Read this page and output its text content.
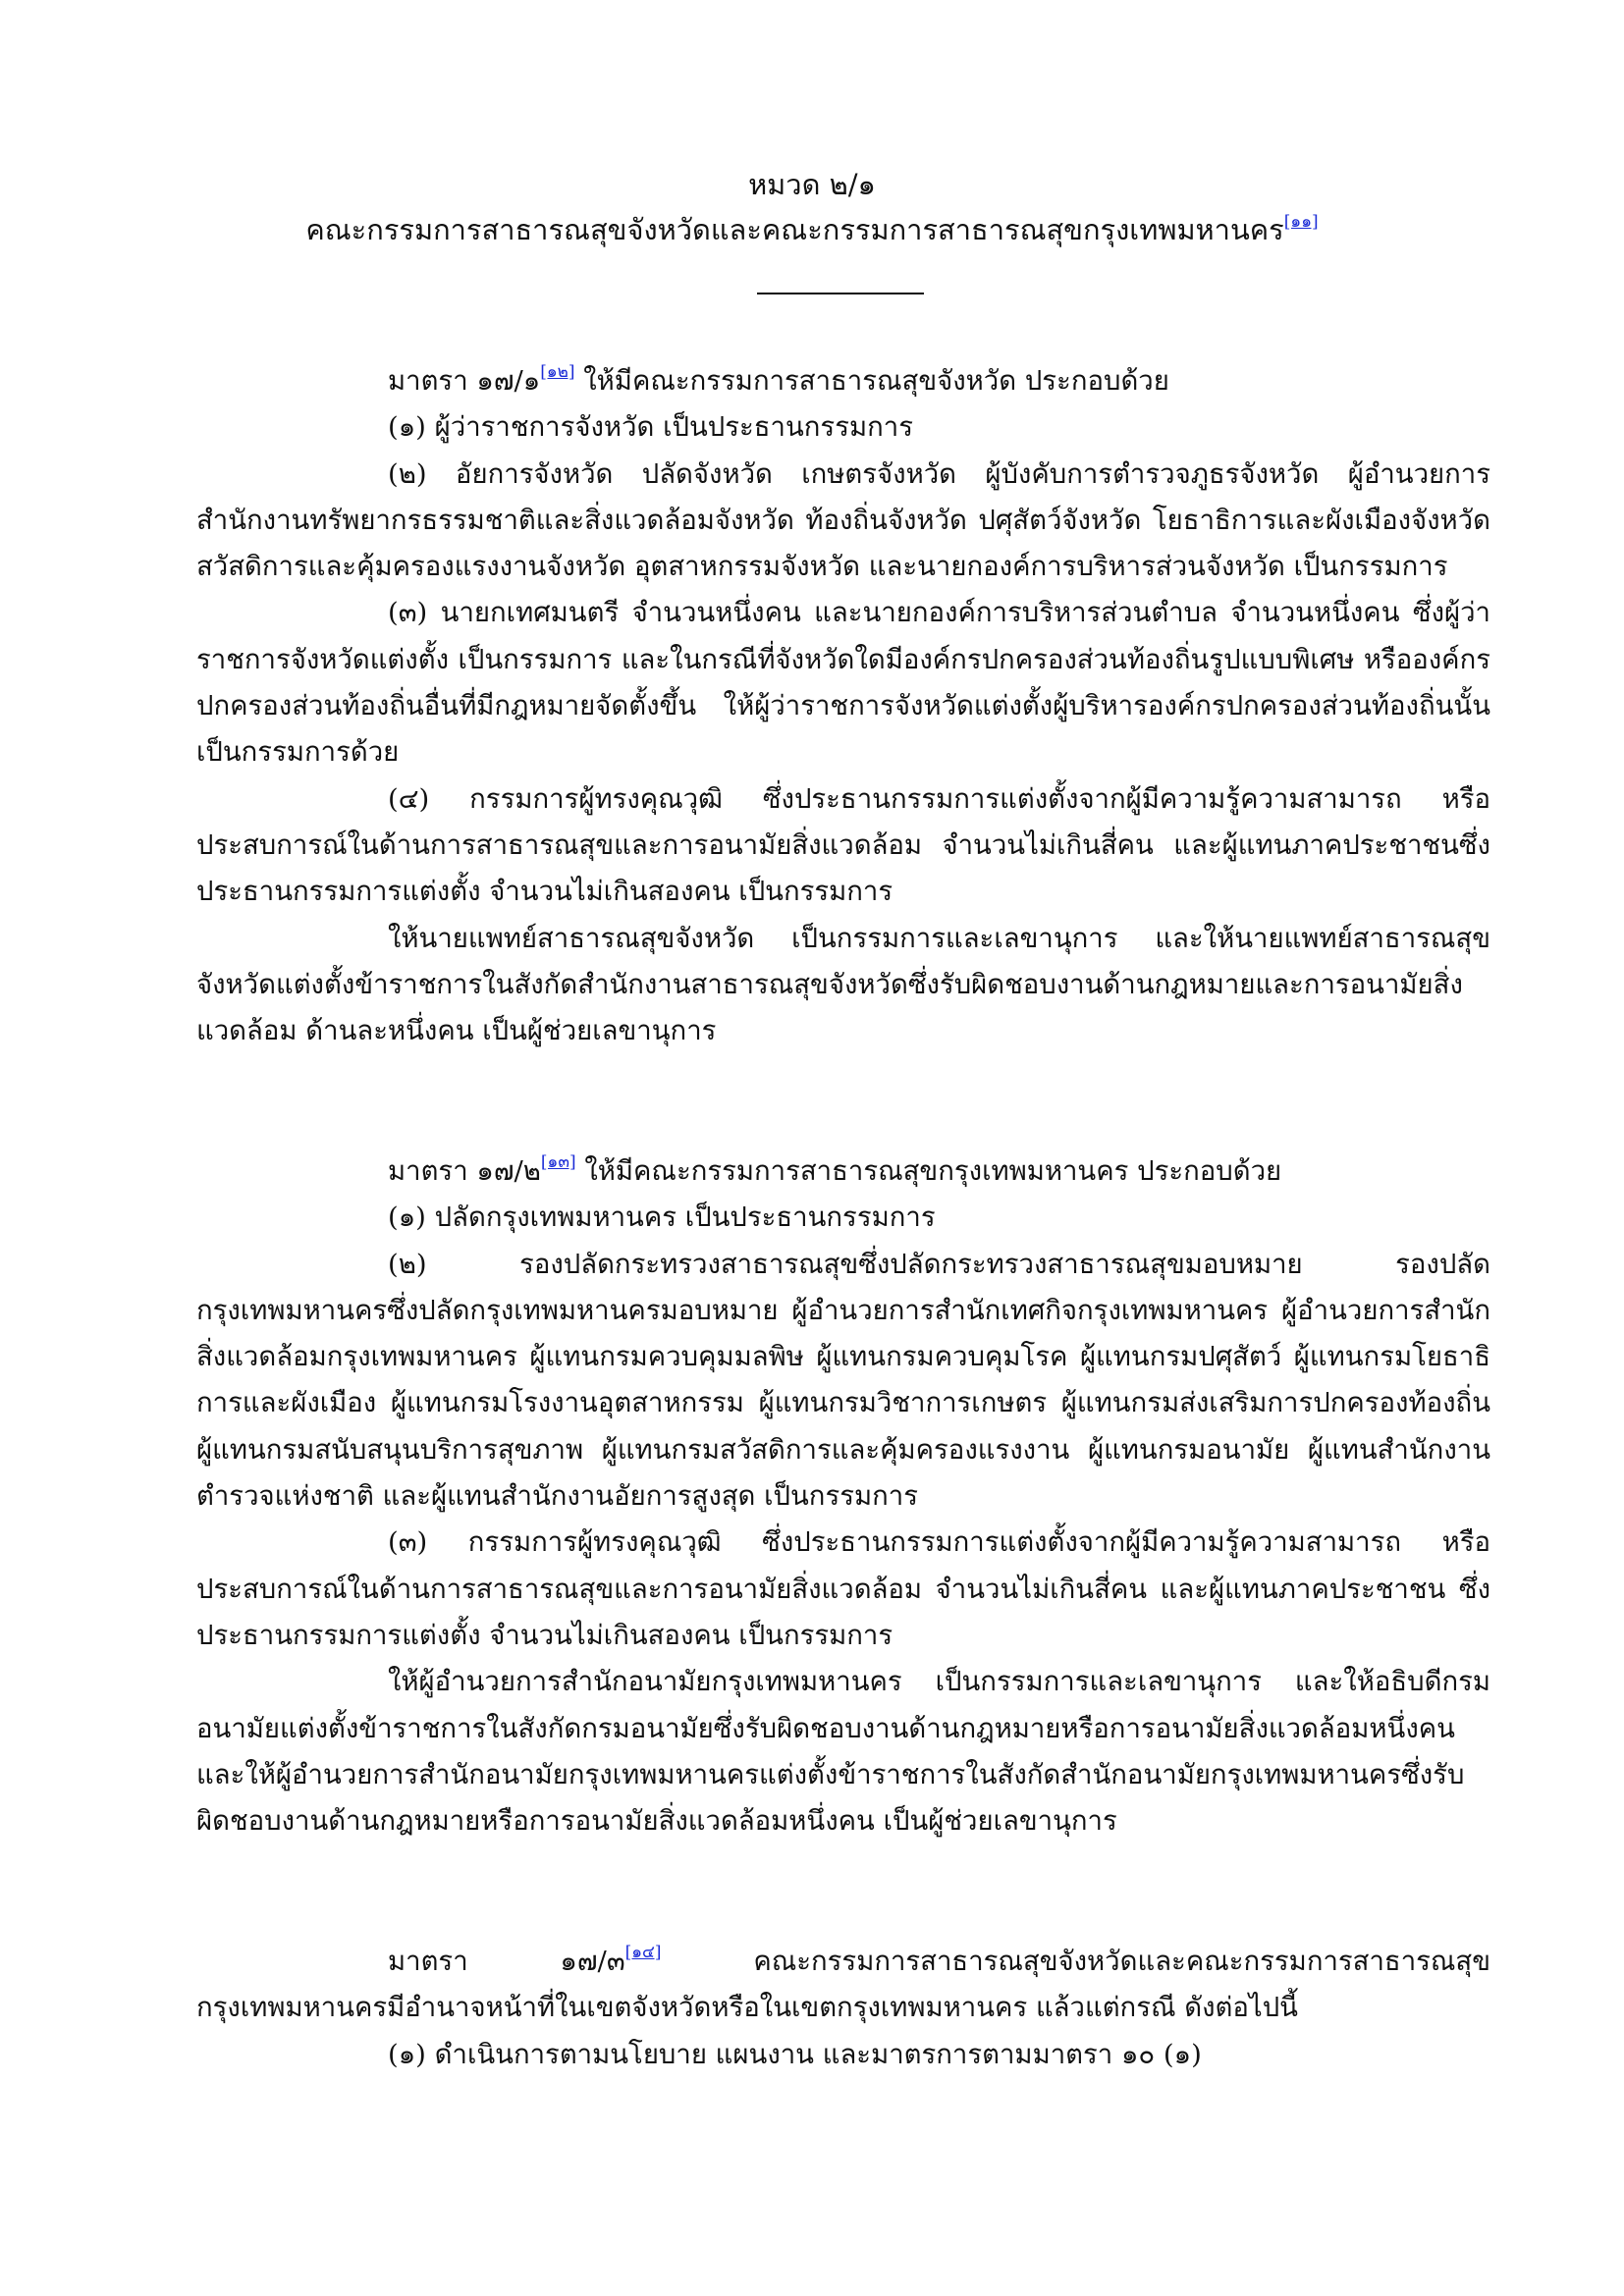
หมวด ๒/๑
คณะกรรมการสาธารณสุขจังหวัดและคณะกรรมการสาธารณสุขกรุงเทพมหานคร[๑๑]

มาตรา ๑๗/๑[๑๒] ให้มีคณะกรรมการสาธารณสุขจังหวัด ประกอบด้วย

(๑) ผู้ว่าราชการจังหวัด เป็นประธานกรรมการ

(๒) อัยการจังหวัด ปลัดจังหวัด เกษตรจังหวัด ผู้บังคับการตำรวจภูธรจังหวัด ผู้อำนวยการสำนักงานทรัพยากรธรรมชาติและสิ่งแวดล้อมจังหวัด ท้องถิ่นจังหวัด ปศุสัตว์จังหวัด โยธาธิการและผังเมืองจังหวัด สวัสดิการและคุ้มครองแรงงานจังหวัด อุตสาหกรรมจังหวัด และนายกองค์การบริหารส่วนจังหวัด เป็นกรรมการ

(๓) นายกเทศมนตรี จำนวนหนึ่งคน และนายกองค์การบริหารส่วนตำบล จำนวนหนึ่งคน ซึ่งผู้ว่าราชการจังหวัดแต่งตั้ง เป็นกรรมการ และในกรณีที่จังหวัดใดมีองค์กรปกครองส่วนท้องถิ่นรูปแบบพิเศษ หรือองค์กรปกครองส่วนท้องถิ่นอื่นที่มีกฎหมายจัดตั้งขึ้น ให้ผู้ว่าราชการจังหวัดแต่งตั้งผู้บริหารองค์กรปกครองส่วนท้องถิ่นนั้นเป็นกรรมการด้วย

(๔) กรรมการผู้ทรงคุณวุฒิ ซึ่งประธานกรรมการแต่งตั้งจากผู้มีความรู้ความสามารถ หรือประสบการณ์ในด้านการสาธารณสุขและการอนามัยสิ่งแวดล้อม จำนวนไม่เกินสี่คน และผู้แทนภาคประชาชนซึ่งประธานกรรมการแต่งตั้ง จำนวนไม่เกินสองคน เป็นกรรมการ

ให้นายแพทย์สาธารณสุขจังหวัด เป็นกรรมการและเลขานุการ และให้นายแพทย์สาธารณสุขจังหวัดแต่งตั้งข้าราชการในสังกัดสำนักงานสาธารณสุขจังหวัดซึ่งรับผิดชอบงานด้านกฎหมายและการอนามัยสิ่งแวดล้อม ด้านละหนึ่งคน เป็นผู้ช่วยเลขานุการ

มาตรา ๑๗/๒[๑๓] ให้มีคณะกรรมการสาธารณสุขกรุงเทพมหานคร ประกอบด้วย

(๑) ปลัดกรุงเทพมหานคร เป็นประธานกรรมการ

(๒) รองปลัดกระทรวงสาธารณสุขซึ่งปลัดกระทรวงสาธารณสุขมอบหมาย รองปลัดกรุงเทพมหานครซึ่งปลัดกรุงเทพมหานครมอบหมาย ผู้อำนวยการสำนักเทศกิจกรุงเทพมหานคร ผู้อำนวยการสำนักสิ่งแวดล้อมกรุงเทพมหานคร ผู้แทนกรมควบคุมมลพิษ ผู้แทนกรมควบคุมโรค ผู้แทนกรมปศุสัตว์ ผู้แทนกรมโยธาธิการและผังเมือง ผู้แทนกรมโรงงานอุตสาหกรรม ผู้แทนกรมวิชาการเกษตร ผู้แทนกรมส่งเสริมการปกครองท้องถิ่น ผู้แทนกรมสนับสนุนบริการสุขภาพ ผู้แทนกรมสวัสดิการและคุ้มครองแรงงาน ผู้แทนกรมอนามัย ผู้แทนสำนักงานตำรวจแห่งชาติ และผู้แทนสำนักงานอัยการสูงสุด เป็นกรรมการ

(๓) กรรมการผู้ทรงคุณวุฒิ ซึ่งประธานกรรมการแต่งตั้งจากผู้มีความรู้ความสามารถ หรือประสบการณ์ในด้านการสาธารณสุขและการอนามัยสิ่งแวดล้อม จำนวนไม่เกินสี่คน และผู้แทนภาคประชาชน ซึ่งประธานกรรมการแต่งตั้ง จำนวนไม่เกินสองคน เป็นกรรมการ

ให้ผู้อำนวยการสำนักอนามัยกรุงเทพมหานคร เป็นกรรมการและเลขานุการ และให้อธิบดีกรมอนามัยแต่งตั้งข้าราชการในสังกัดกรมอนามัยซึ่งรับผิดชอบงานด้านกฎหมายหรือการอนามัยสิ่งแวดล้อมหนึ่งคน และให้ผู้อำนวยการสำนักอนามัยกรุงเทพมหานครแต่งตั้งข้าราชการในสังกัดสำนักอนามัยกรุงเทพมหานครซึ่งรับผิดชอบงานด้านกฎหมายหรือการอนามัยสิ่งแวดล้อมหนึ่งคน เป็นผู้ช่วยเลขานุการ

มาตรา ๑๗/๓[๑๔] คณะกรรมการสาธารณสุขจังหวัดและคณะกรรมการสาธารณสุขกรุงเทพมหานครมีอำนาจหน้าที่ในเขตจังหวัดหรือในเขตกรุงเทพมหานคร แล้วแต่กรณี ดังต่อไปนี้

(๑) ดำเนินการตามนโยบาย แผนงาน และมาตรการตามมาตรา ๑๐ (๑)
